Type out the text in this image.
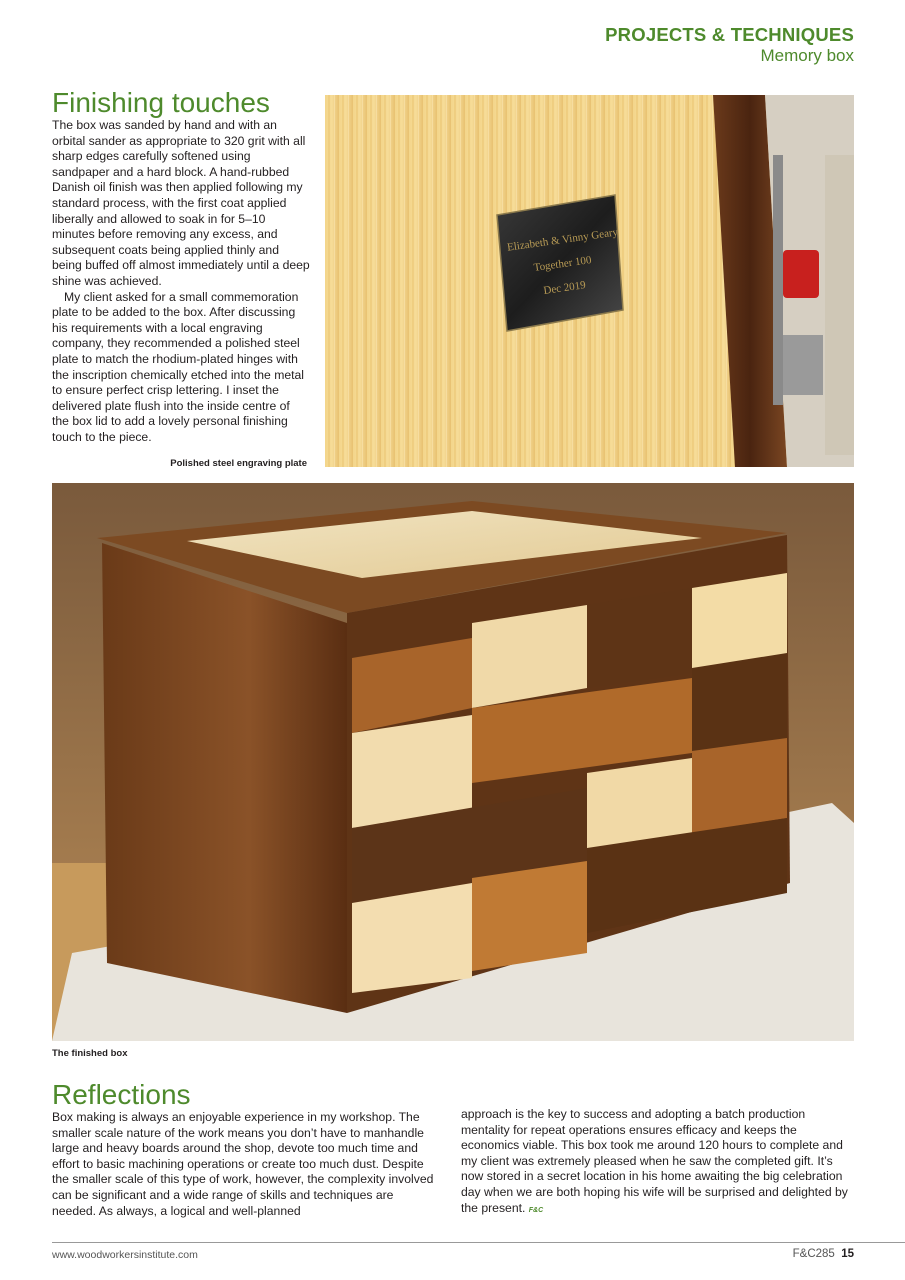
PROJECTS & TECHNIQUES
Memory box
Finishing touches

The box was sanded by hand and with an orbital sander as appropriate to 320 grit with all sharp edges carefully softened using sandpaper and a hard block. A hand-rubbed Danish oil finish was then applied following my standard process, with the first coat applied liberally and allowed to soak in for 5–10 minutes before removing any excess, and subsequent coats being applied thinly and being buffed off almost immediately until a deep shine was achieved.

My client asked for a small commemoration plate to be added to the box. After discussing his requirements with a local engraving company, they recommended a polished steel plate to match the rhodium-plated hinges with the inscription chemically etched into the metal to ensure perfect crisp lettering. I inset the delivered plate flush into the inside centre of the box lid to add a lovely personal finishing touch to the piece.

Elizabeth & Vinny Geary
Together 100
Dec 2019
Polished steel engraving plate
The finished box
Reflections
Box making is always an enjoyable experience in my workshop. The smaller scale nature of the work means you don’t have to manhandle large and heavy boards around the shop, devote too much time and effort to basic machining operations or create too much dust. Despite the smaller scale of this type of work, however, the complexity involved can be significant and a wide range of skills and techniques are needed. As always, a logical and well-planned
approach is the key to success and adopting a batch production mentality for repeat operations ensures efficacy and keeps the economics viable. This box took me around 120 hours to complete and my client was extremely pleased when he saw the completed gift. It’s now stored in a secret location in his home awaiting the big celebration day when we are both hoping his wife will be surprised and delighted by the present. F&C
www.woodworkersinstitute.com	F&C285 15
